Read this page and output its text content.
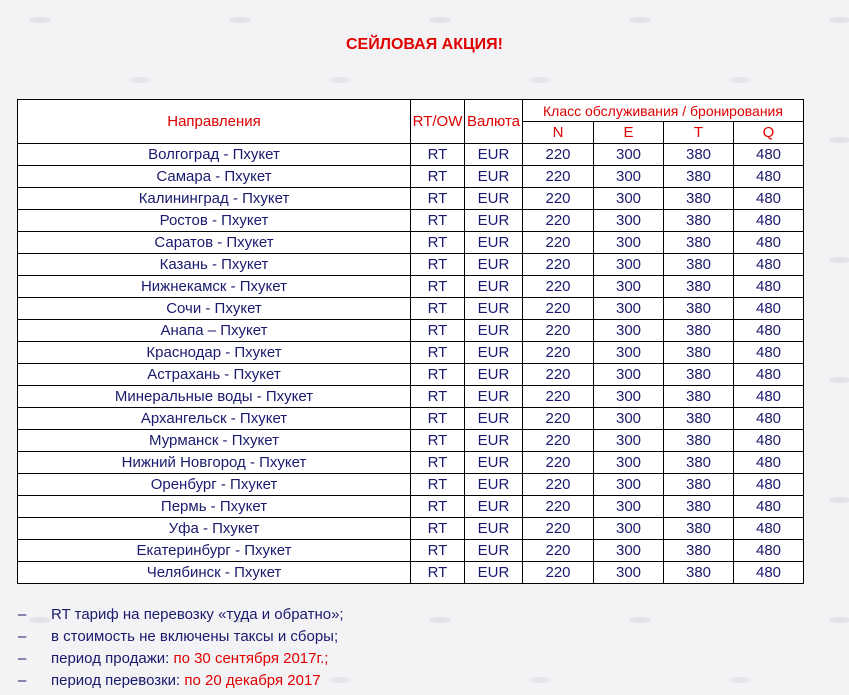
СЕЙЛОВАЯ АКЦИЯ!
Направления	RT/OW	Валюта	Класс обслуживания / бронирования			
			N	E	T	Q
Волгоград - Пхукет	RT	EUR	220	300	380	480
Самара - Пхукет	RT	EUR	220	300	380	480
Калининград - Пхукет	RT	EUR	220	300	380	480
Ростов - Пхукет	RT	EUR	220	300	380	480
Саратов - Пхукет	RT	EUR	220	300	380	480
Казань - Пхукет	RT	EUR	220	300	380	480
Нижнекамск - Пхукет	RT	EUR	220	300	380	480
Сочи - Пхукет	RT	EUR	220	300	380	480
Анапа – Пхукет	RT	EUR	220	300	380	480
Краснодар - Пхукет	RT	EUR	220	300	380	480
Астрахань - Пхукет	RT	EUR	220	300	380	480
Минеральные воды - Пхукет	RT	EUR	220	300	380	480
Архангельск - Пхукет	RT	EUR	220	300	380	480
Мурманск - Пхукет	RT	EUR	220	300	380	480
Нижний Новгород - Пхукет	RT	EUR	220	300	380	480
Оренбург - Пхукет	RT	EUR	220	300	380	480
Пермь - Пхукет	RT	EUR	220	300	380	480
Уфа - Пхукет	RT	EUR	220	300	380	480
Екатеринбург - Пхукет	RT	EUR	220	300	380	480
Челябинск - Пхукет	RT	EUR	220	300	380	480
–	RT тариф на перевозку «туда и обратно»;
–	в стоимость не включены таксы и сборы;
–	период продажи: по 30 сентября 2017г.;
–	период перевозки: по 20 декабря 2017
